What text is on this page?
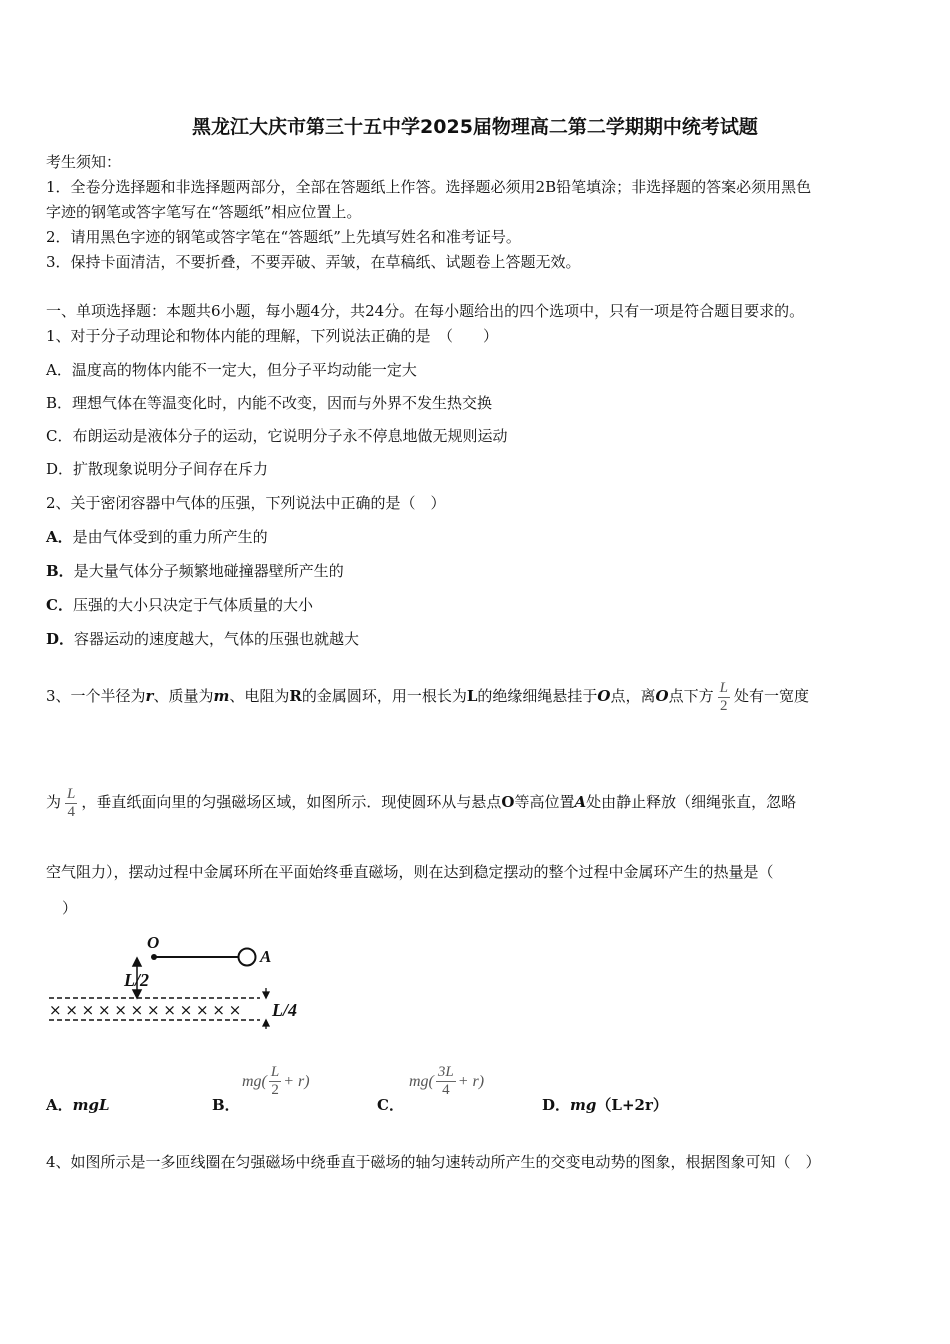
黑龙江大庆市第三十五中学2025届物理高二第二学期期中统考试题
考生须知：
1．全卷分选择题和非选择题两部分，全部在答题纸上作答。选择题必须用2B铅笔填涂；非选择题的答案必须用黑色
字迹的钢笔或答字笔写在“答题纸”相应位置上。
2．请用黑色字迹的钢笔或答字笔在“答题纸”上先填写姓名和准考证号。
3．保持卡面清洁，不要折叠，不要弄破、弄皱，在草稿纸、试题卷上答题无效。
一、单项选择题：本题共6小题，每小题4分，共24分。在每小题给出的四个选项中，只有一项是符合题目要求的。
1、对于分子动理论和物体内能的理解，下列说法正确的是　（　　）
A．温度高的物体内能不一定大，但分子平均动能一定大
B．理想气体在等温变化时，内能不改变，因而与外界不发生热交换
C．布朗运动是液体分子的运动，它说明分子永不停息地做无规则运动
D．扩散现象说明分子间存在斥力
2、关于密闭容器中气体的压强，下列说法中正确的是（　）
A．是由气体受到的重力所产生的
B．是大量气体分子频繁地碰撞器壁所产生的
C．压强的大小只决定于气体质量的大小
D．容器运动的速度越大，气体的压强也就越大
3、一个半径为r、质量为m、电阻为R的金属圆环，用一根长为L的绝缘细绳悬挂于O点，离O点下方 $\frac{L}{2}$ 处有一宽度
为 $\frac{L}{4}$ ，垂直纸面向里的匀强磁场区域，如图所示．现使圆环从与悬点O等高位置A处由静止释放（细绳张直，忽略
空气阻力），摆动过程中金属环所在平面始终垂直磁场，则在达到稳定摆动的整个过程中金属环产生的热量是（
）
O
A
L/2
× × × × × × × × × × × × L/4
A．mgL	B．
$mg( \frac{L}{2} + r)$
C．
$mg( \frac{3L}{4} + r)$
D．mg（L+2r）
4、如图所示是一多匝线圈在匀强磁场中绕垂直于磁场的轴匀速转动所产生的交变电动势的图象，根据图象可知（　）
